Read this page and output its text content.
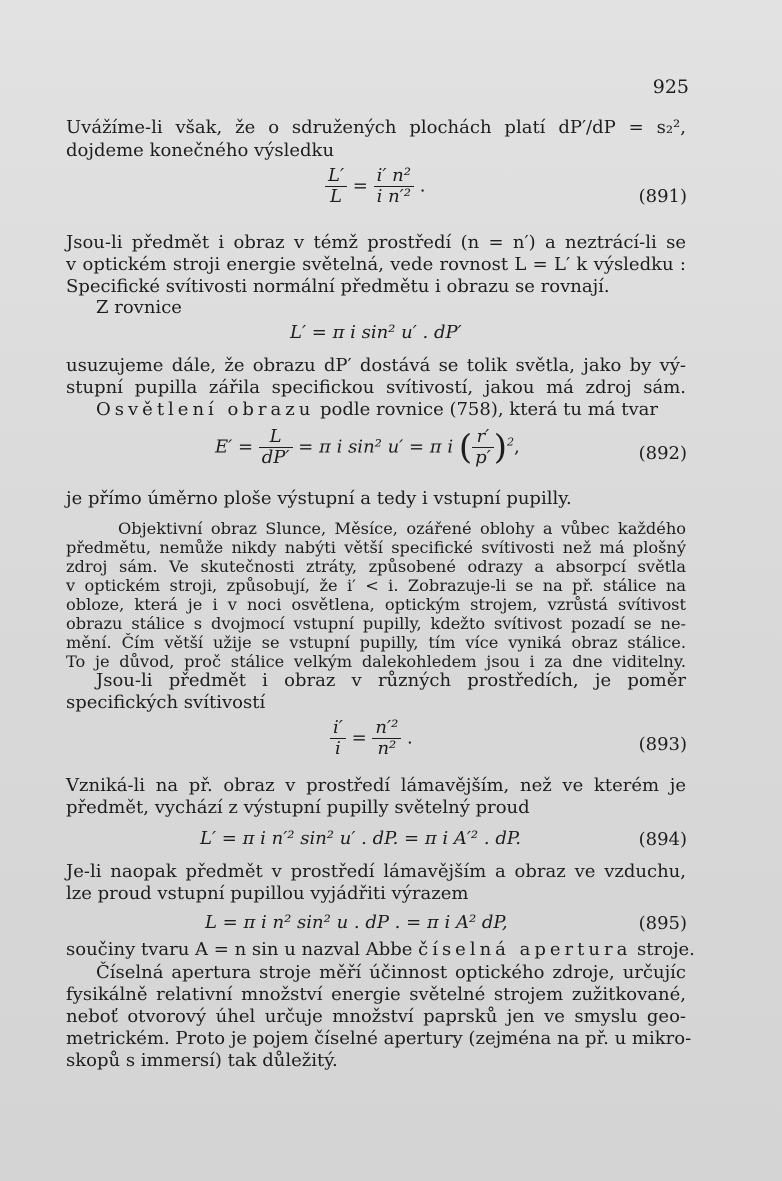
925
Uvážíme-li však, že o sdružených plochách platí dP′/dP = s₂²,
dojdeme konečného výsledku
$\frac{L'}{L} = \frac{\text{i′ n²}}{\text{i n′²}}$ .	(891)
Jsou-li předmět i obraz v témž prostředí (n = n′) a neztrácí-li se
v optickém stroji energie světelná, vede rovnost L = L′ k výsledku :
Specifické svítivosti normální předmětu i obrazu se rovnají.
Z rovnice
L′ = π i sin² u′ . dP′
usuzujeme dále, že obrazu dP′ dostává se tolik světla, jako by vý-
stupní pupilla zářila specifickou svítivostí, jakou má zdroj sám.
Osvětlení obrazu podle rovnice (758), která tu má tvar
$E' = \frac{L}{dP'} = \pi$ i sin² u′ = π i ( $\frac{r'}{p'} )^2$,	(892)
je přímo úměrno ploše výstupní a tedy i vstupní pupilly.
Objektivní obraz Slunce, Měsíce, ozářené oblohy a vůbec každého
předmětu, nemůže nikdy nabýti větší specifické svítivosti než má plošný
zdroj sám. Ve skutečnosti ztráty, způsobené odrazy a absorpcí světla
v optickém stroji, způsobují, že i′ < i. Zobrazuje-li se na př. stálice na
obloze, která je i v noci osvětlena, optickým strojem, vzrůstá svítivost
obrazu stálice s dvojmocí vstupní pupilly, kdežto svítivost pozadí se ne-
mění. Čím větší užije se vstupní pupilly, tím více vyniká obraz stálice.
To je důvod, proč stálice velkým dalekohledem jsou i za dne viditelny.
Jsou-li předmět i obraz v různých prostředích, je poměr
specifických svítivostí
$\frac{i'}{i} = \frac{\text{n′²}}{\text{n²}}$ .	(893)
Vzniká-li na př. obraz v prostředí lámavějším, než ve kterém je
předmět, vychází z výstupní pupilly světelný proud
L′ = π i n′² sin² u′ . dP. = π i A′² . dP.	(894)
Je-li naopak předmět v prostředí lámavějším a obraz ve vzduchu,
lze proud vstupní pupillou vyjádřiti výrazem
L = π i n² sin² u . dP . = π i A² dP,	(895)
součiny tvaru A = n sin u nazval Abbe číselná apertura stroje.
Číselná apertura stroje měří účinnost optického zdroje, určujíc
fysikálně relativní množství energie světelné strojem zužitkované,
neboť otvorový úhel určuje množství paprsků jen ve smyslu geo-
metrickém. Proto je pojem číselné apertury (zejména na př. u mikro-
skopů s immersí) tak důležitý.
